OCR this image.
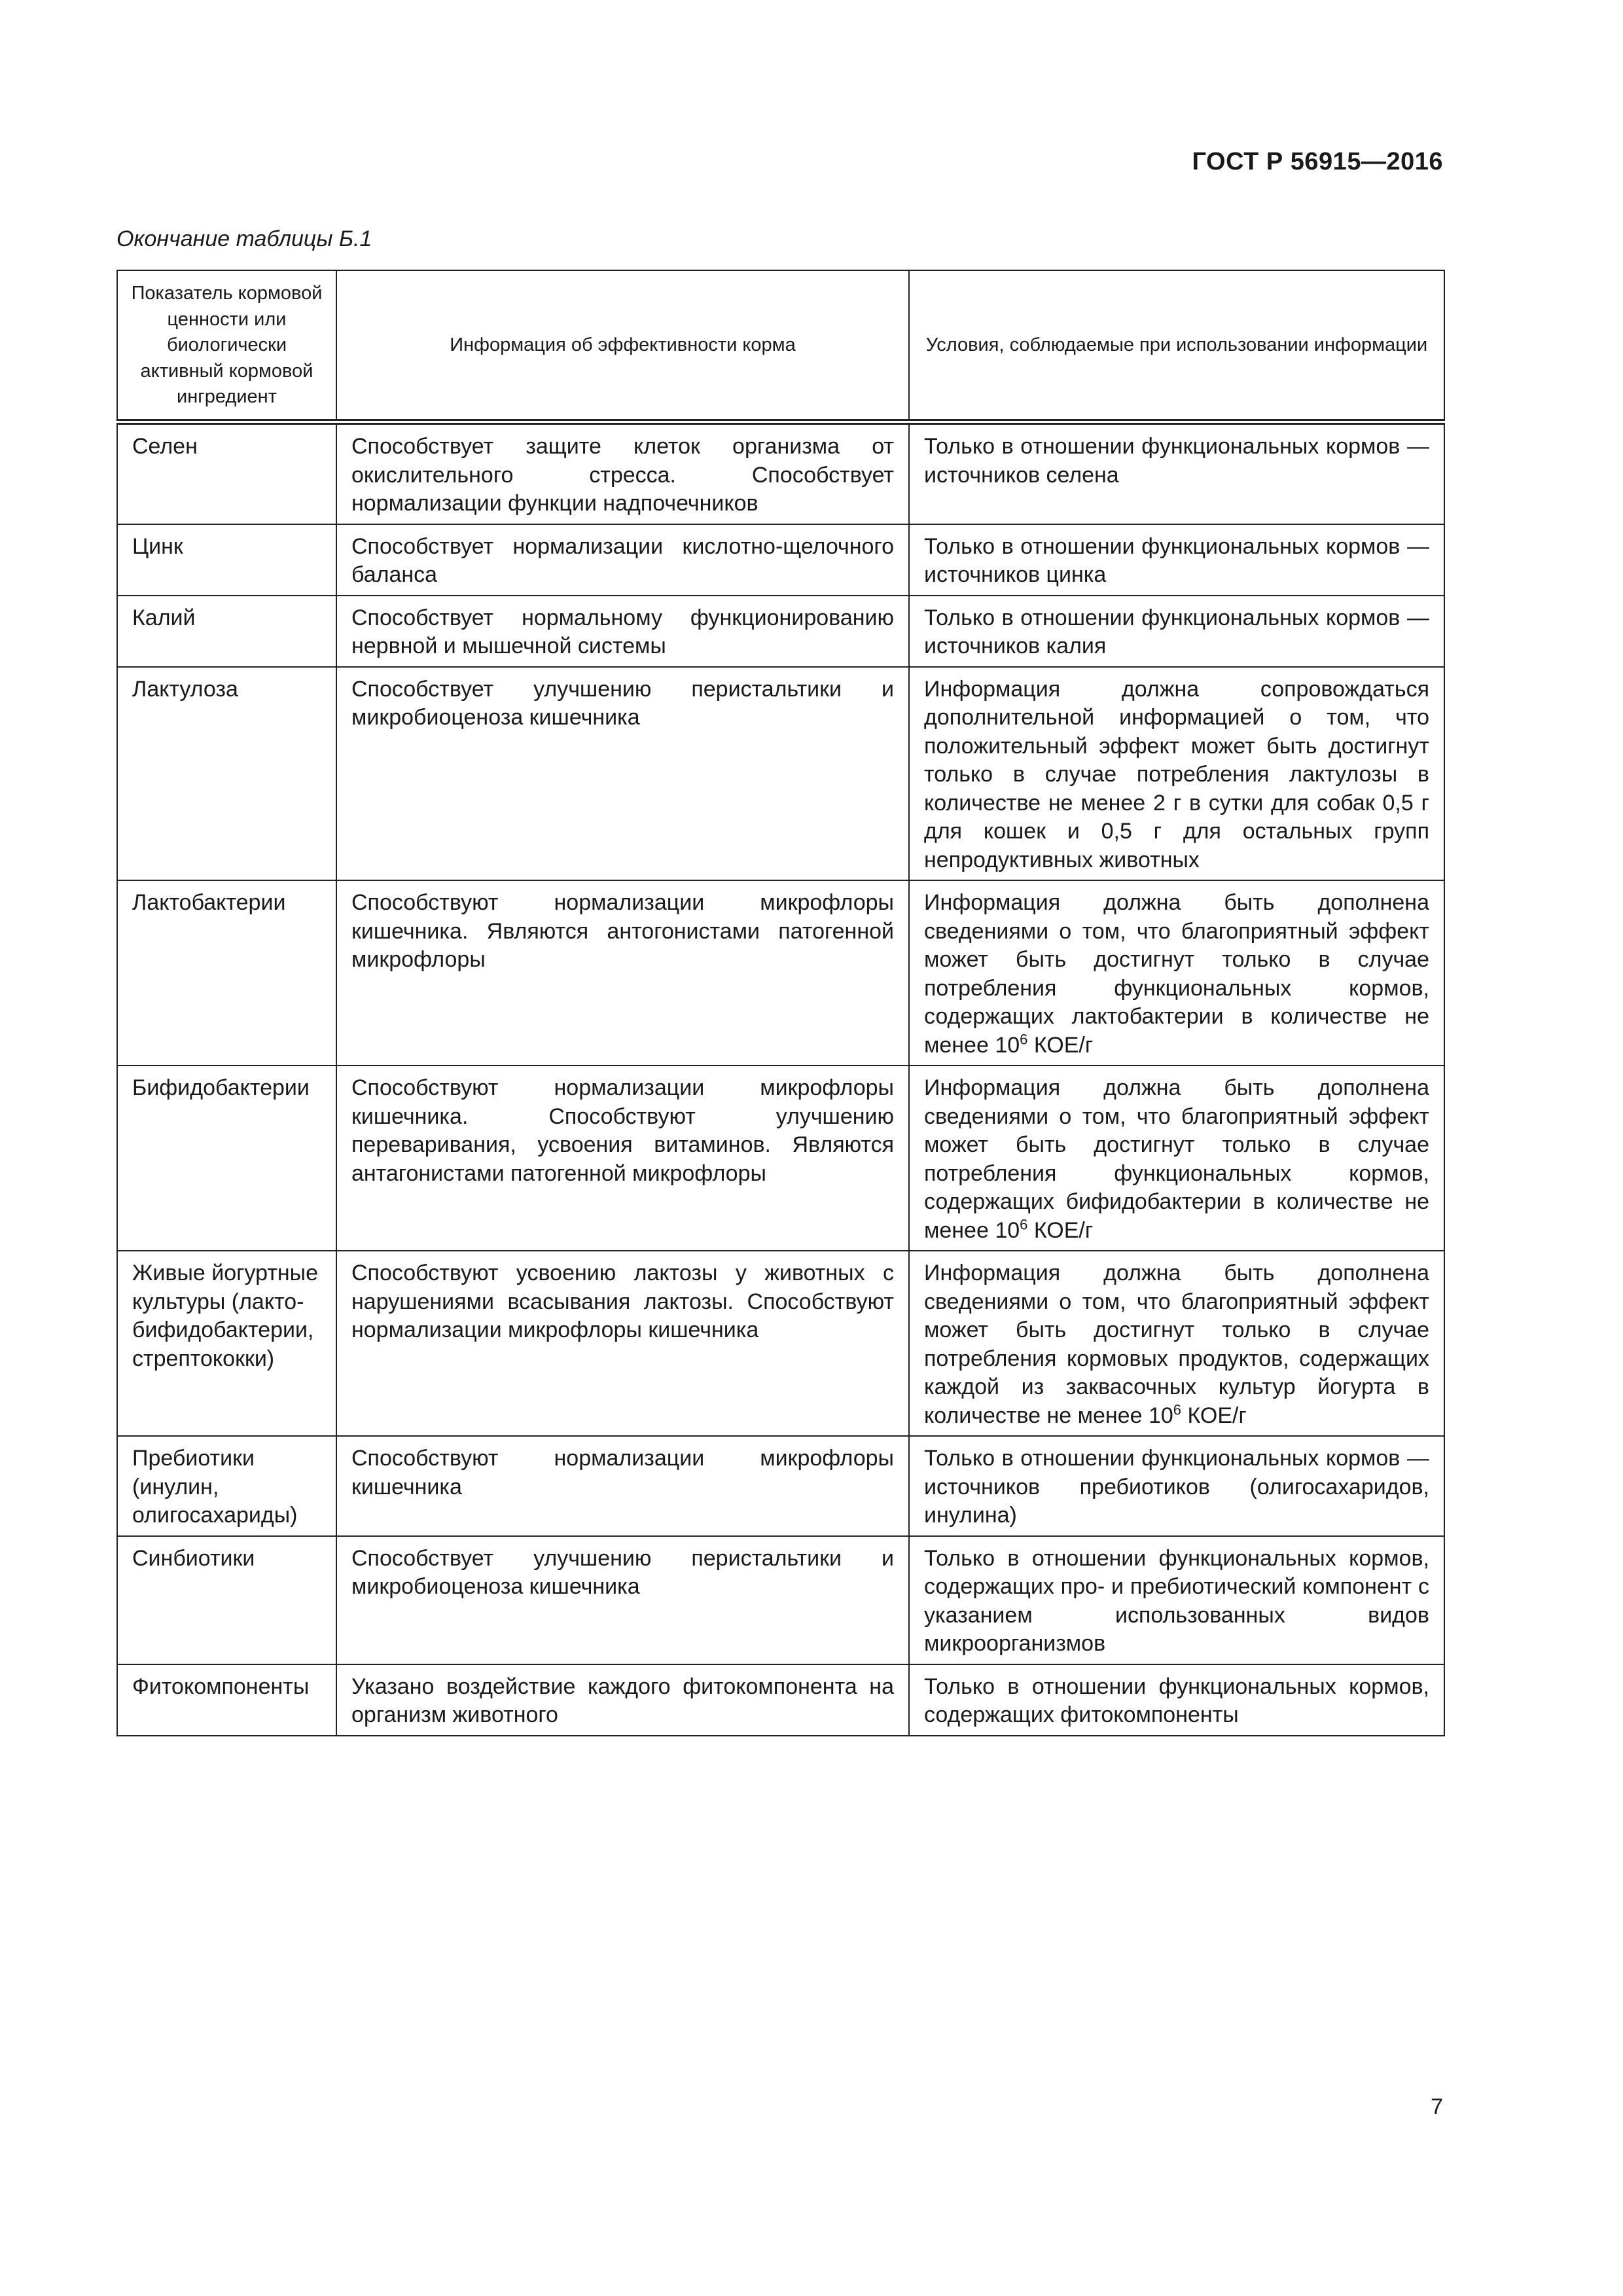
ГОСТ Р 56915—2016
Окончание таблицы Б.1
Показатель кормовой ценности или биологически активный кормовой ингредиент	Информация об эффективности корма	Условия, соблюдаемые при использовании информации
Селен	Способствует защите клеток организма от окислительного стресса. Способствует нормализации функции надпочечников	Только в отношении функциональных кормов — источников селена
Цинк	Способствует нормализации кислотно-щелочного баланса	Только в отношении функциональных кормов — источников цинка
Калий	Способствует нормальному функционированию нервной и мышечной системы	Только в отношении функциональных кормов — источников калия
Лактулоза	Способствует улучшению перистальтики и микробиоценоза кишечника	Информация должна сопровождаться дополнительной информацией о том, что положительный эффект может быть достигнут только в случае потребления лактулозы в количестве не менее 2 г в сутки для собак 0,5 г для кошек и 0,5 г для остальных групп непродуктивных животных
Лактобактерии	Способствуют нормализации микрофлоры кишечника. Являются антогонистами патогенной микрофлоры	Информация должна быть дополнена сведениями о том, что благоприятный эффект может быть достигнут только в случае потребления функциональных кормов, содержащих лактобактерии в количестве не менее $10^6$ КОЕ/г
Бифидобактерии	Способствуют нормализации микрофлоры кишечника. Способствуют улучшению переваривания, усвоения витаминов. Являются антагонистами патогенной микрофлоры	Информация должна быть дополнена сведениями о том, что благоприятный эффект может быть достигнут только в случае потребления функциональных кормов, содержащих бифидобактерии в количестве не менее $10^6$ КОЕ/г
Живые йогуртные культуры (лакто-бифидобактерии, стрептококки)	Способствуют усвоению лактозы у животных с нарушениями всасывания лактозы. Способствуют нормализации микрофлоры кишечника	Информация должна быть дополнена сведениями о том, что благоприятный эффект может быть достигнут только в случае потребления кормовых продуктов, содержащих каждой из заквасочных культур йогурта в количестве не менее $10^6$ КОЕ/г
Пребиотики (инулин, олигосахариды)	Способствуют нормализации микрофлоры кишечника	Только в отношении функциональных кормов — источников пребиотиков (олигосахаридов, инулина)
Синбиотики	Способствует улучшению перистальтики и микробиоценоза кишечника	Только в отношении функциональных кормов, содержащих про- и пребиотический компонент с указанием использованных видов микроорганизмов
Фитокомпоненты	Указано воздействие каждого фитокомпонента на организм животного	Только в отношении функциональных кормов, содержащих фитокомпоненты
7
